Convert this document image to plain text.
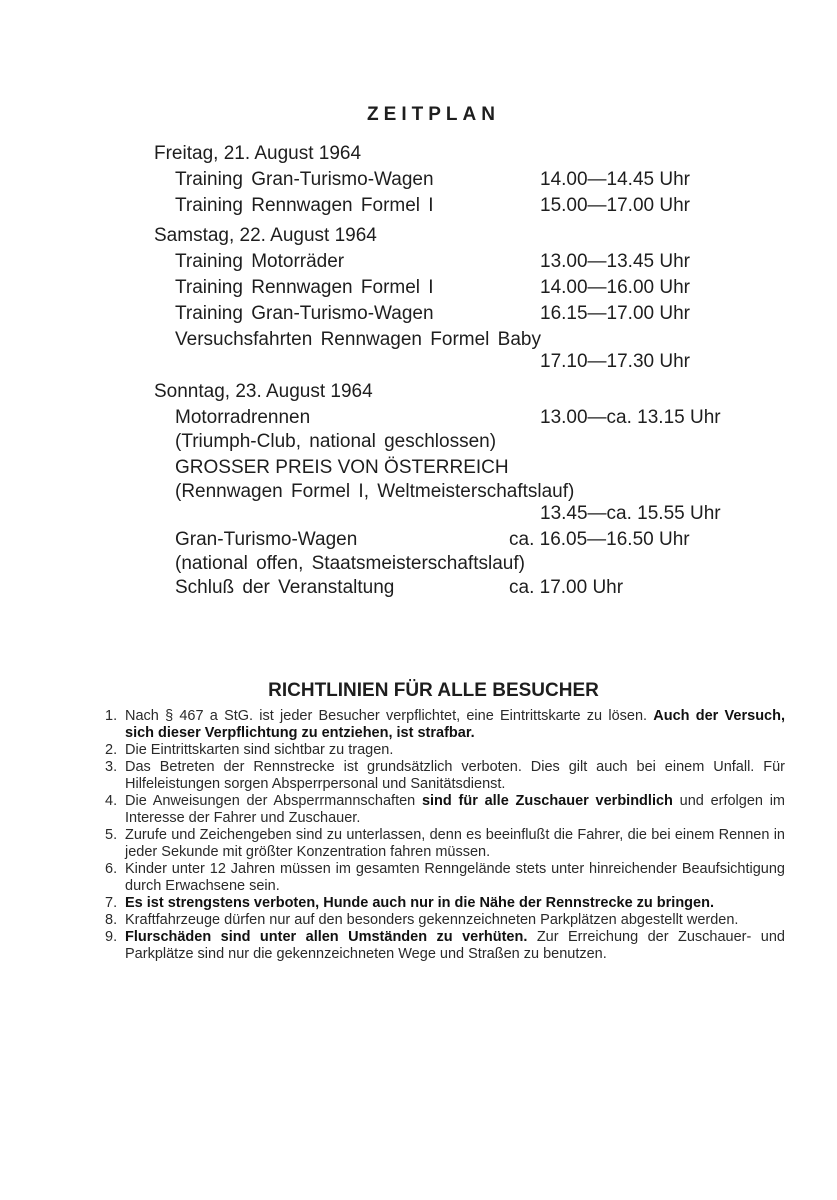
ZEITPLAN
Freitag, 21. August 1964
Training Gran-Turismo-Wagen	14.00—14.45 Uhr
Training Rennwagen Formel I	15.00—17.00 Uhr
Samstag, 22. August 1964
Training Motorräder	13.00—13.45 Uhr
Training Rennwagen Formel I	14.00—16.00 Uhr
Training Gran-Turismo-Wagen	16.15—17.00 Uhr
Versuchsfahrten Rennwagen Formel Baby
17.10—17.30 Uhr
Sonntag, 23. August 1964
Motorradrennen	13.00—ca. 13.15 Uhr
(Triumph-Club, national geschlossen)
GROSSER PREIS VON ÖSTERREICH
(Rennwagen Formel I, Weltmeisterschaftslauf)
13.45—ca. 15.55 Uhr
Gran-Turismo-Wagen	ca. 16.05—16.50 Uhr
(national offen, Staatsmeisterschaftslauf)
Schluß der Veranstaltung	ca. 17.00 Uhr
RICHTLINIEN FÜR ALLE BESUCHER
1. Nach § 467 a StG. ist jeder Besucher verpflichtet, eine Eintrittskarte zu lösen. Auch der Versuch, sich dieser Verpflichtung zu entziehen, ist strafbar.
2. Die Eintrittskarten sind sichtbar zu tragen.
3. Das Betreten der Rennstrecke ist grundsätzlich verboten. Dies gilt auch bei einem Unfall. Für Hilfeleistungen sorgen Absperrpersonal und Sanitätsdienst.
4. Die Anweisungen der Absperrmannschaften sind für alle Zuschauer verbindlich und erfolgen im Interesse der Fahrer und Zuschauer.
5. Zurufe und Zeichengeben sind zu unterlassen, denn es beeinflußt die Fahrer, die bei einem Rennen in jeder Sekunde mit größter Konzentration fahren müssen.
6. Kinder unter 12 Jahren müssen im gesamten Renngelände stets unter hinreichender Beaufsichtigung durch Erwachsene sein.
7. Es ist strengstens verboten, Hunde auch nur in die Nähe der Rennstrecke zu bringen.
8. Kraftfahrzeuge dürfen nur auf den besonders gekennzeichneten Parkplätzen abgestellt werden.
9. Flurschäden sind unter allen Umständen zu verhüten. Zur Erreichung der Zuschauer- und Parkplätze sind nur die gekennzeichneten Wege und Straßen zu benutzen.
